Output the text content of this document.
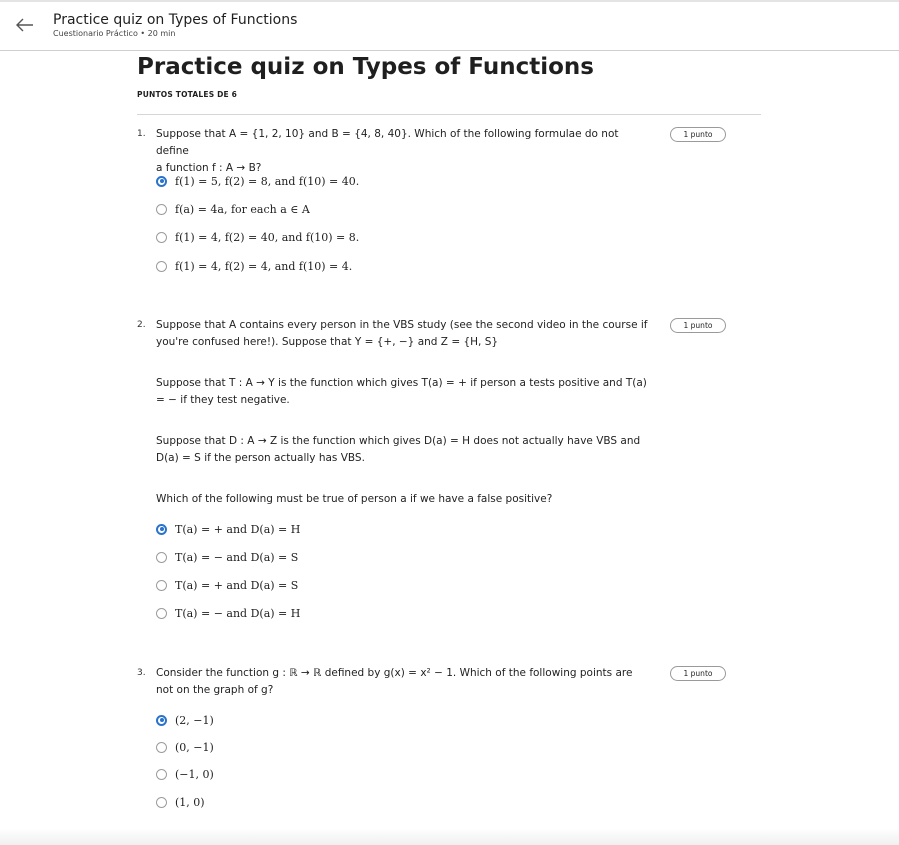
Practice quiz on Types of Functions
Cuestionario Práctico • 20 min
Practice quiz on Types of Functions
PUNTOS TOTALES DE 6
1. Suppose that A = {1, 2, 10} and B = {4, 8, 40}. Which of the following formulae do not define
a function f : A → B?
1 punto
f(1) = 5, f(2) = 8, and f(10) = 40.
f(a) = 4a, for each a ∈ A
f(1) = 4, f(2) = 40, and f(10) = 8.
f(1) = 4, f(2) = 4, and f(10) = 4.
2. Suppose that A contains every person in the VBS study (see the second video in the course if you're confused here!). Suppose that Y = {+, −} and Z = {H, S}
1 punto
Suppose that T : A → Y is the function which gives T(a) = + if person a tests positive and T(a) = − if they test negative.
Suppose that D : A → Z is the function which gives D(a) = H does not actually have VBS and D(a) = S if the person actually has VBS.
Which of the following must be true of person a if we have a false positive?
T(a) = + and D(a) = H
T(a) = − and D(a) = S
T(a) = + and D(a) = S
T(a) = − and D(a) = H
3. Consider the function g : ℝ → ℝ defined by g(x) = x² − 1. Which of the following points are
not on the graph of g?
1 punto
(2, −1)
(0, −1)
(−1, 0)
(1, 0)
